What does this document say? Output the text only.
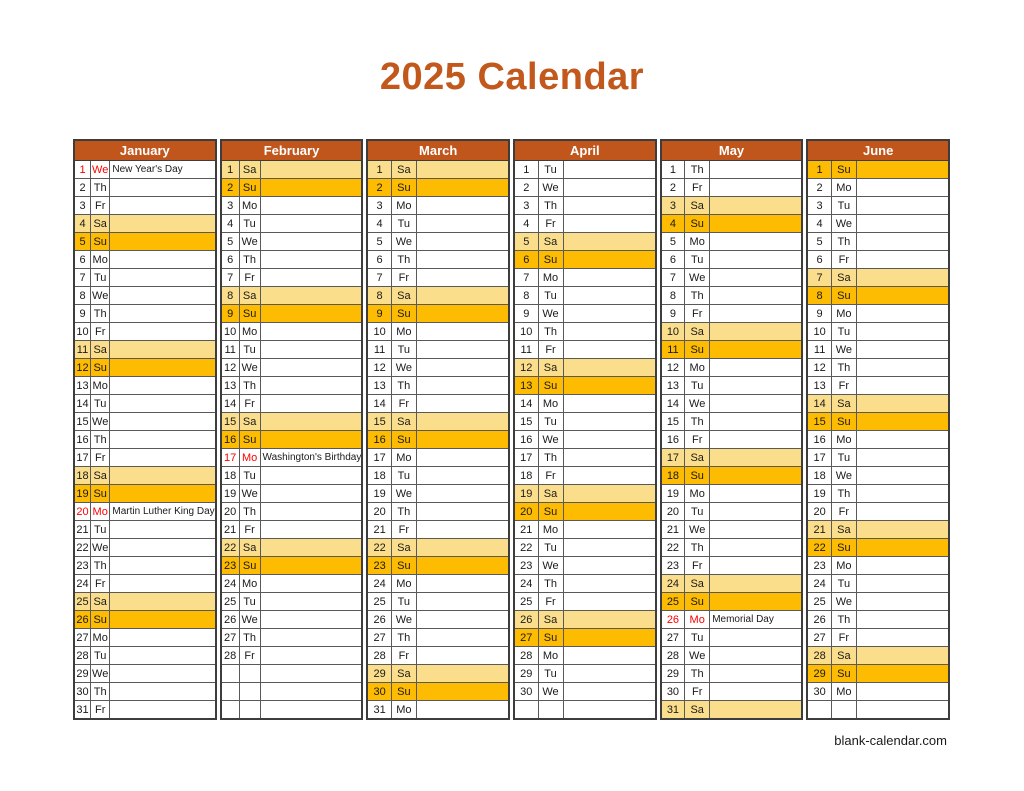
2025 Calendar
January		
1	We	New Year's Day
2	Th	
3	Fr	
4	Sa	
5	Su	
6	Mo	
7	Tu	
8	We	
9	Th	
10	Fr	
11	Sa	
12	Su	
13	Mo	
14	Tu	
15	We	
16	Th	
17	Fr	
18	Sa	
19	Su	
20	Mo	Martin Luther King Day
21	Tu	
22	We	
23	Th	
24	Fr	
25	Sa	
26	Su	
27	Mo	
28	Tu	
29	We	
30	Th	
31	Fr	
February		
1	Sa	
2	Su	
3	Mo	
4	Tu	
5	We	
6	Th	
7	Fr	
8	Sa	
9	Su	
10	Mo	
11	Tu	
12	We	
13	Th	
14	Fr	
15	Sa	
16	Su	
17	Mo	Washington's Birthday
18	Tu	
19	We	
20	Th	
21	Fr	
22	Sa	
23	Su	
24	Mo	
25	Tu	
26	We	
27	Th	
28	Fr	

March		
1	Sa	
2	Su	
3	Mo	
4	Tu	
5	We	
6	Th	
7	Fr	
8	Sa	
9	Su	
10	Mo	
11	Tu	
12	We	
13	Th	
14	Fr	
15	Sa	
16	Su	
17	Mo	
18	Tu	
19	We	
20	Th	
21	Fr	
22	Sa	
23	Su	
24	Mo	
25	Tu	
26	We	
27	Th	
28	Fr	
29	Sa	
30	Su	
31	Mo	
April		
1	Tu	
2	We	
3	Th	
4	Fr	
5	Sa	
6	Su	
7	Mo	
8	Tu	
9	We	
10	Th	
11	Fr	
12	Sa	
13	Su	
14	Mo	
15	Tu	
16	We	
17	Th	
18	Fr	
19	Sa	
20	Su	
21	Mo	
22	Tu	
23	We	
24	Th	
25	Fr	
26	Sa	
27	Su	
28	Mo	
29	Tu	
30	We	

May		
1	Th	
2	Fr	
3	Sa	
4	Su	
5	Mo	
6	Tu	
7	We	
8	Th	
9	Fr	
10	Sa	
11	Su	
12	Mo	
13	Tu	
14	We	
15	Th	
16	Fr	
17	Sa	
18	Su	
19	Mo	
20	Tu	
21	We	
22	Th	
23	Fr	
24	Sa	
25	Su	
26	Mo	Memorial Day
27	Tu	
28	We	
29	Th	
30	Fr	
31	Sa	
June		
1	Su	
2	Mo	
3	Tu	
4	We	
5	Th	
6	Fr	
7	Sa	
8	Su	
9	Mo	
10	Tu	
11	We	
12	Th	
13	Fr	
14	Sa	
15	Su	
16	Mo	
17	Tu	
18	We	
19	Th	
20	Fr	
21	Sa	
22	Su	
23	Mo	
24	Tu	
25	We	
26	Th	
27	Fr	
28	Sa	
29	Su	
30	Mo	

blank-calendar.com
